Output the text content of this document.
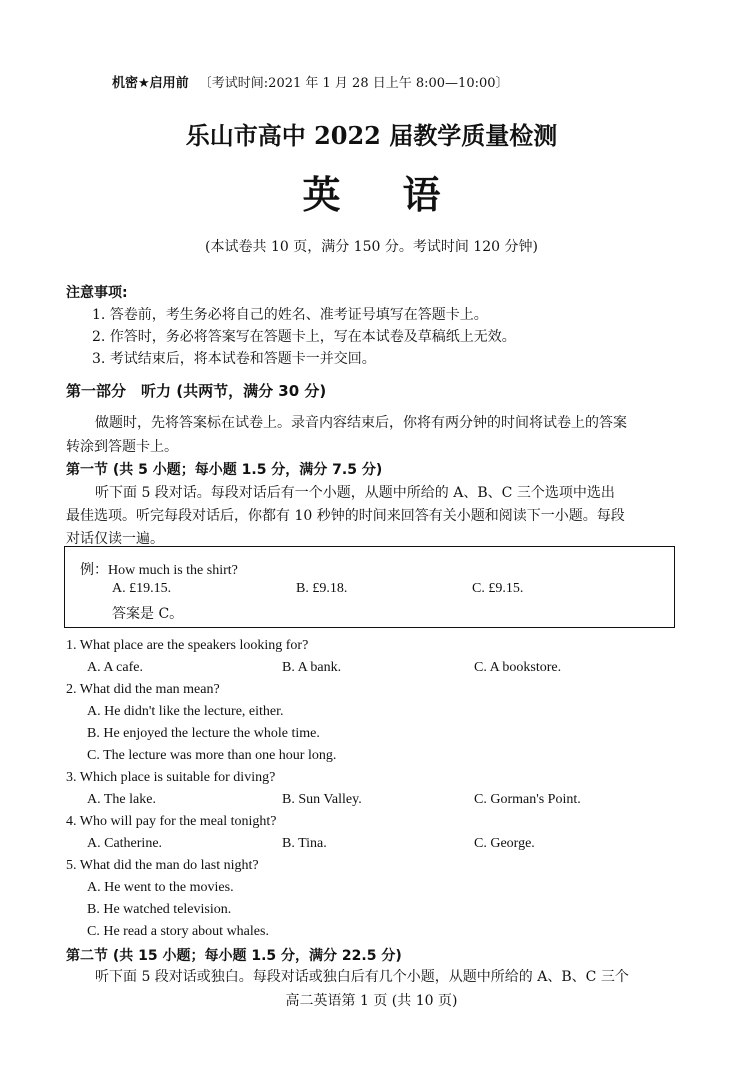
机密★启用前 〔考试时间:2021 年 1 月 28 日上午 8:00—10:00〕
乐山市高中 2022 届教学质量检测
英语
(本试卷共 10 页，满分 150 分。考试时间 120 分钟)
注意事项:
1. 答卷前，考生务必将自己的姓名、准考证号填写在答题卡上。
2. 作答时，务必将答案写在答题卡上，写在本试卷及草稿纸上无效。
3. 考试结束后，将本试卷和答题卡一并交回。
第一部分　听力 (共两节，满分 30 分)
做题时，先将答案标在试卷上。录音内容结束后，你将有两分钟的时间将试卷上的答案
转涂到答题卡上。
第一节 (共 5 小题；每小题 1.5 分，满分 7.5 分)
听下面 5 段对话。每段对话后有一个小题，从题中所给的 A、B、C 三个选项中选出
最佳选项。听完每段对话后，你都有 10 秒钟的时间来回答有关小题和阅读下一小题。每段
对话仅读一遍。
例：How much is the shirt?
A. £19.15.	B. £9.18.	C. £9.15.
答案是 C。
1. What place are the speakers looking for?
A. A cafe.	B. A bank.	C. A bookstore.
2. What did the man mean?
A. He didn't like the lecture, either.
B. He enjoyed the lecture the whole time.
C. The lecture was more than one hour long.
3. Which place is suitable for diving?
A. The lake.	B. Sun Valley.	C. Gorman's Point.
4. Who will pay for the meal tonight?
A. Catherine.	B. Tina.	C. George.
5. What did the man do last night?
A. He went to the movies.
B. He watched television.
C. He read a story about whales.
第二节 (共 15 小题；每小题 1.5 分，满分 22.5 分)
听下面 5 段对话或独白。每段对话或独白后有几个小题，从题中所给的 A、B、C 三个
高二英语第 1 页 (共 10 页)
